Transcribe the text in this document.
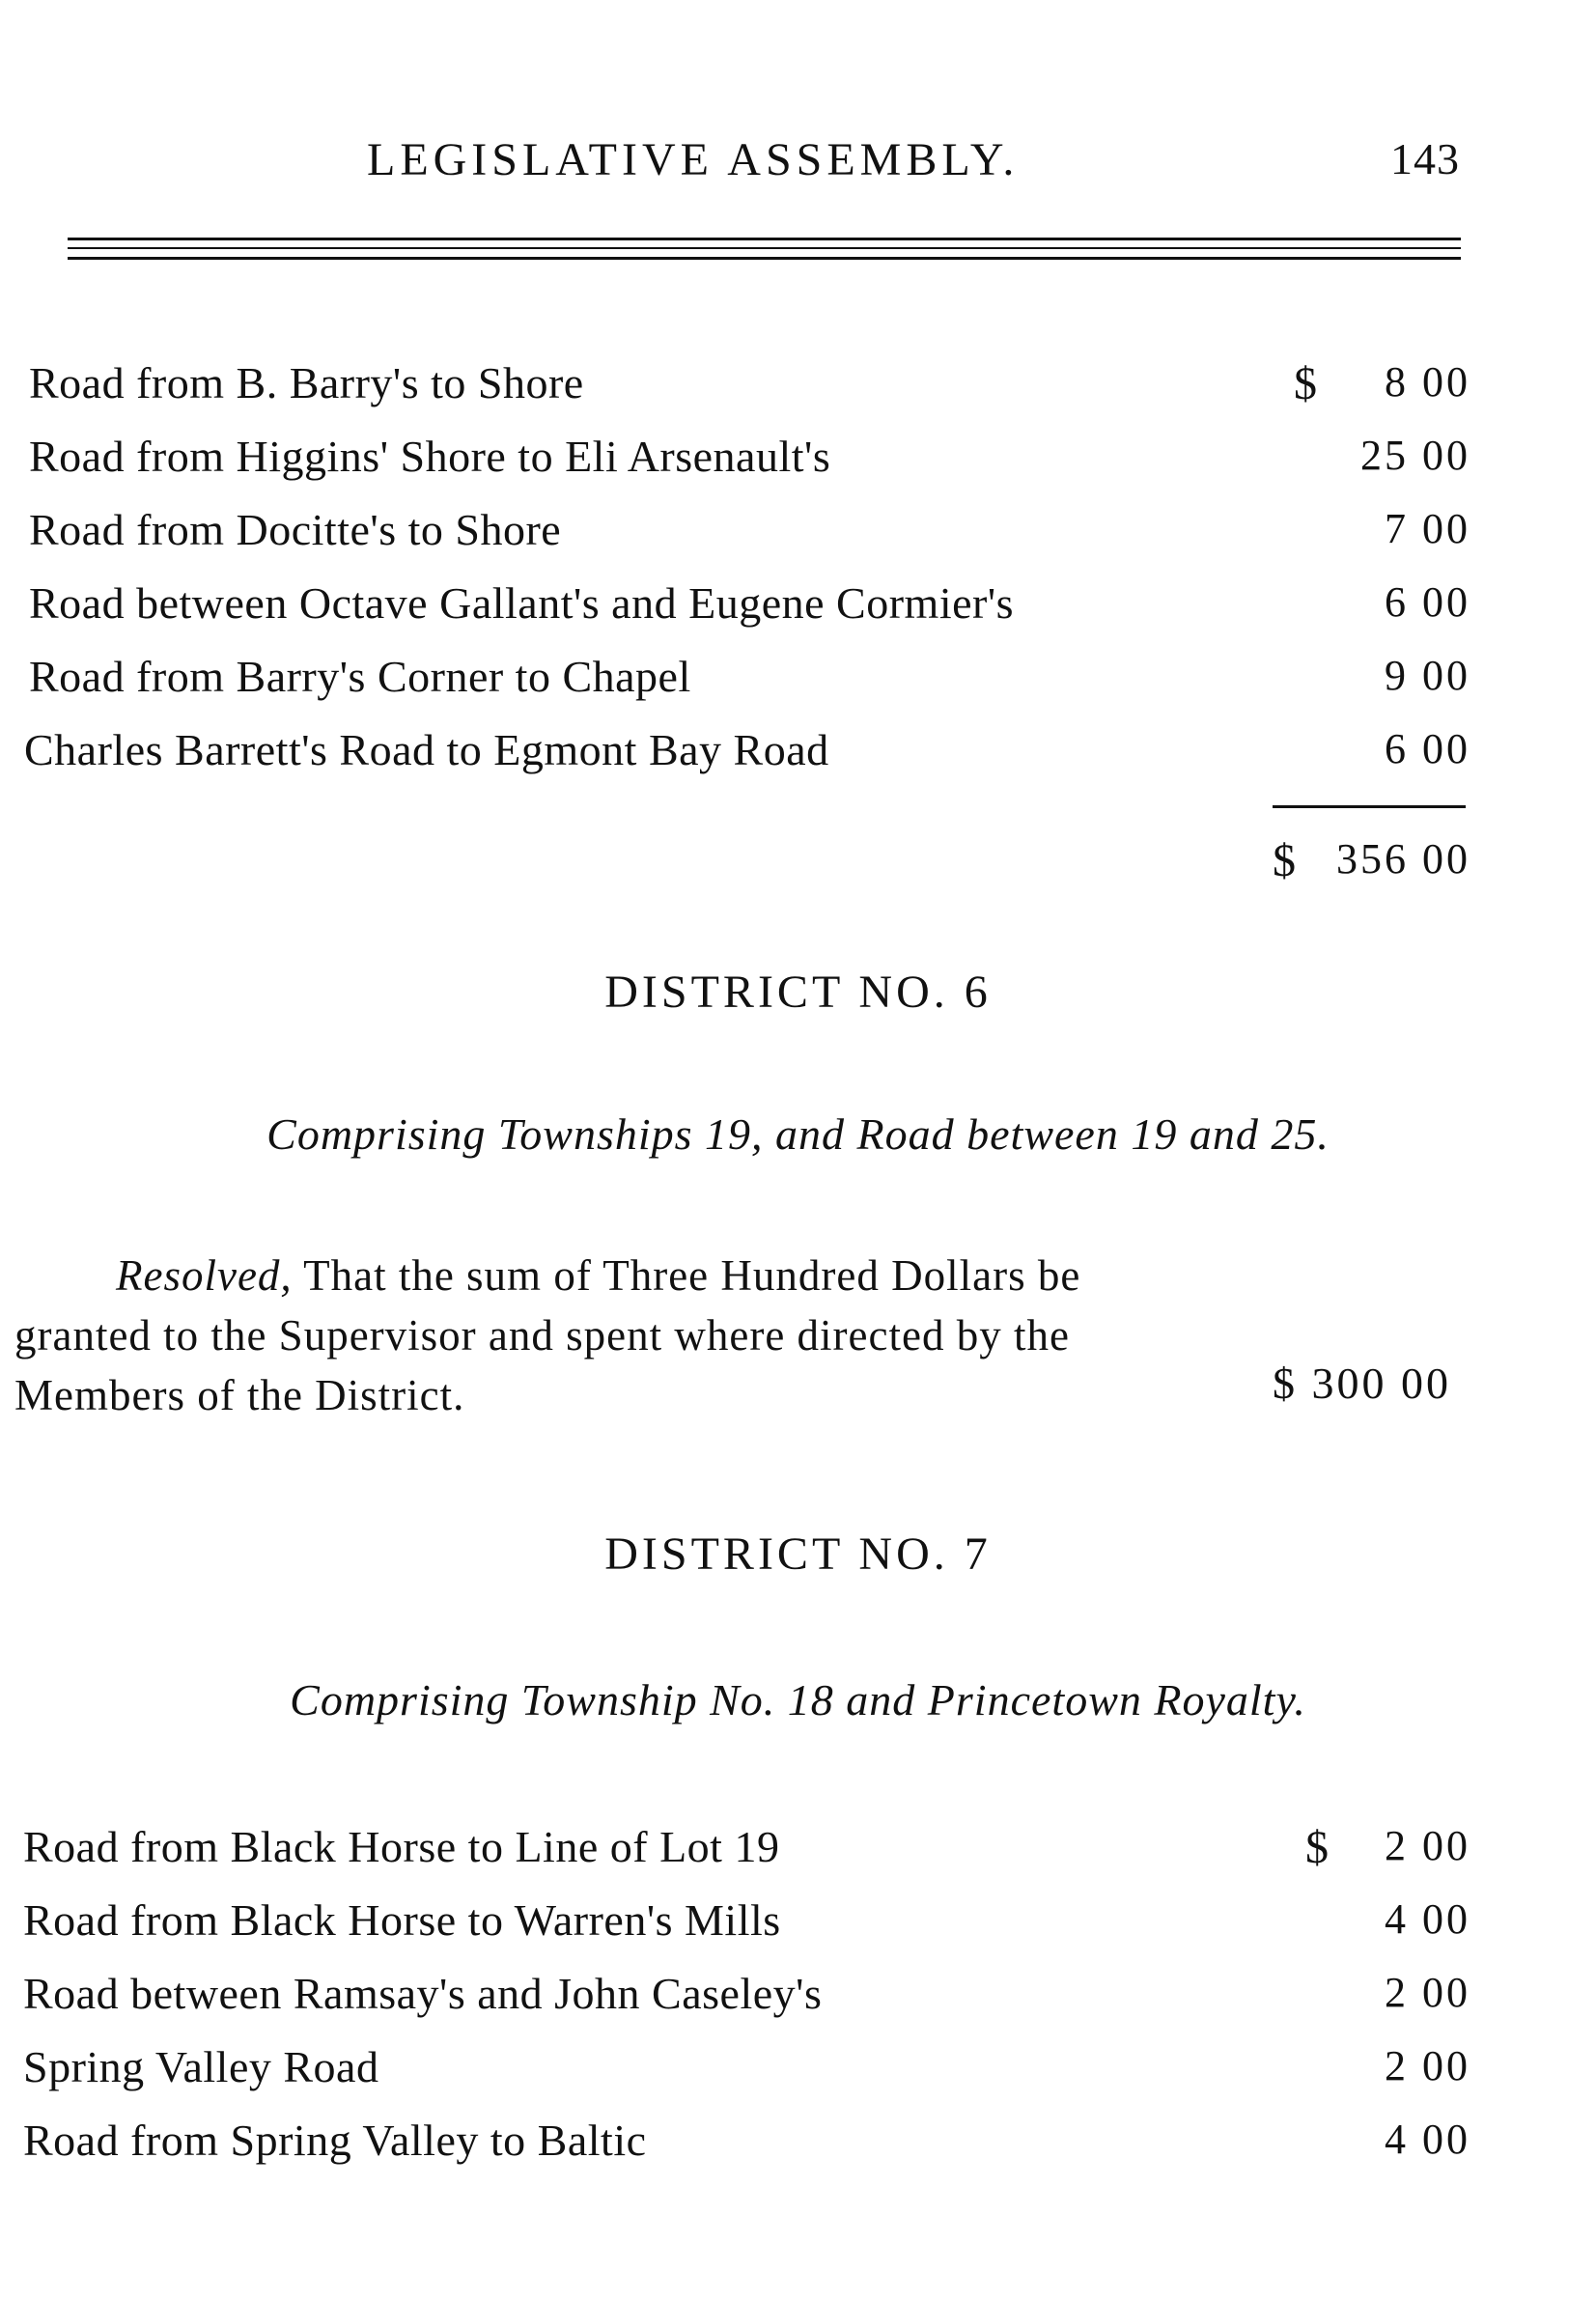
LEGISLATIVE ASSEMBLY.	143
Road from B. Barry's to Shore	$ 8 00
Road from Higgins' Shore to Eli Arsenault's	25 00
Road from Docitte's to Shore	7 00
Road between Octave Gallant's and Eugene Cormier's	6 00
Road from Barry's Corner to Chapel	9 00
Charles Barrett's Road to Egmont Bay Road	6 00
$ 356 00
DISTRICT NO. 6
Comprising Townships 19, and Road between 19 and 25.
Resolved, That the sum of Three Hundred Dollars be
granted to the Supervisor and spent where directed by the
Members of the District.	$ 300 00
DISTRICT NO. 7
Comprising Township No. 18 and Princetown Royalty.
Road from Black Horse to Line of Lot 19	$ 2 00
Road from Black Horse to Warren's Mills	4 00
Road between Ramsay's and John Caseley's	2 00
Spring Valley Road	2 00
Road from Spring Valley to Baltic	4 00
